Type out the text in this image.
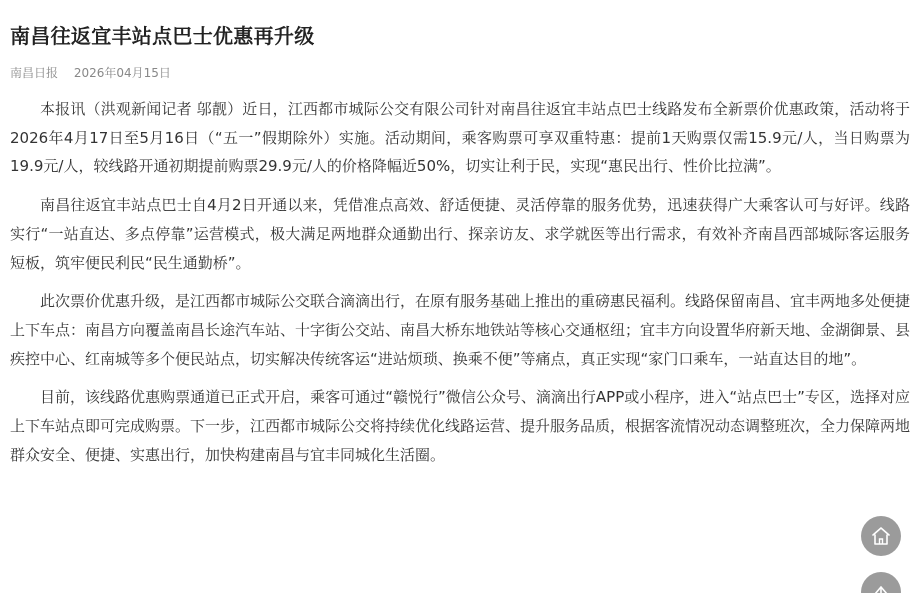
南昌往返宜丰站点巴士优惠再升级
南昌日报 2026年04月15日

本报讯（洪观新闻记者 邬靓）近日，江西都市城际公交有限公司针对南昌往返宜丰站点巴士线路发布全新票价优惠政策，活动将于2026年4月17日至5月16日（“五一”假期除外）实施。活动期间，乘客购票可享双重特惠：提前1天购票仅需15.9元/人，当日购票为19.9元/人，较线路开通初期提前购票29.9元/人的价格降幅近50%，切实让利于民，实现“惠民出行、性价比拉满”。

南昌往返宜丰站点巴士自4月2日开通以来，凭借准点高效、舒适便捷、灵活停靠的服务优势，迅速获得广大乘客认可与好评。线路实行“一站直达、多点停靠”运营模式，极大满足两地群众通勤出行、探亲访友、求学就医等出行需求，有效补齐南昌西部城际客运服务短板，筑牢便民利民“民生通勤桥”。

此次票价优惠升级，是江西都市城际公交联合滴滴出行，在原有服务基础上推出的重磅惠民福利。线路保留南昌、宜丰两地多处便捷上下车点：南昌方向覆盖南昌长途汽车站、十字街公交站、南昌大桥东地铁站等核心交通枢纽；宜丰方向设置华府新天地、金湖御景、县疾控中心、红南城等多个便民站点，切实解决传统客运“进站烦琐、换乘不便”等痛点，真正实现“家门口乘车，一站直达目的地”。

目前，该线路优惠购票通道已正式开启，乘客可通过“赣悦行”微信公众号、滴滴出行APP或小程序，进入“站点巴士”专区，选择对应上下车站点即可完成购票。下一步，江西都市城际公交将持续优化线路运营、提升服务品质，根据客流情况动态调整班次，全力保障两地群众安全、便捷、实惠出行，加快构建南昌与宜丰同城化生活圈。
